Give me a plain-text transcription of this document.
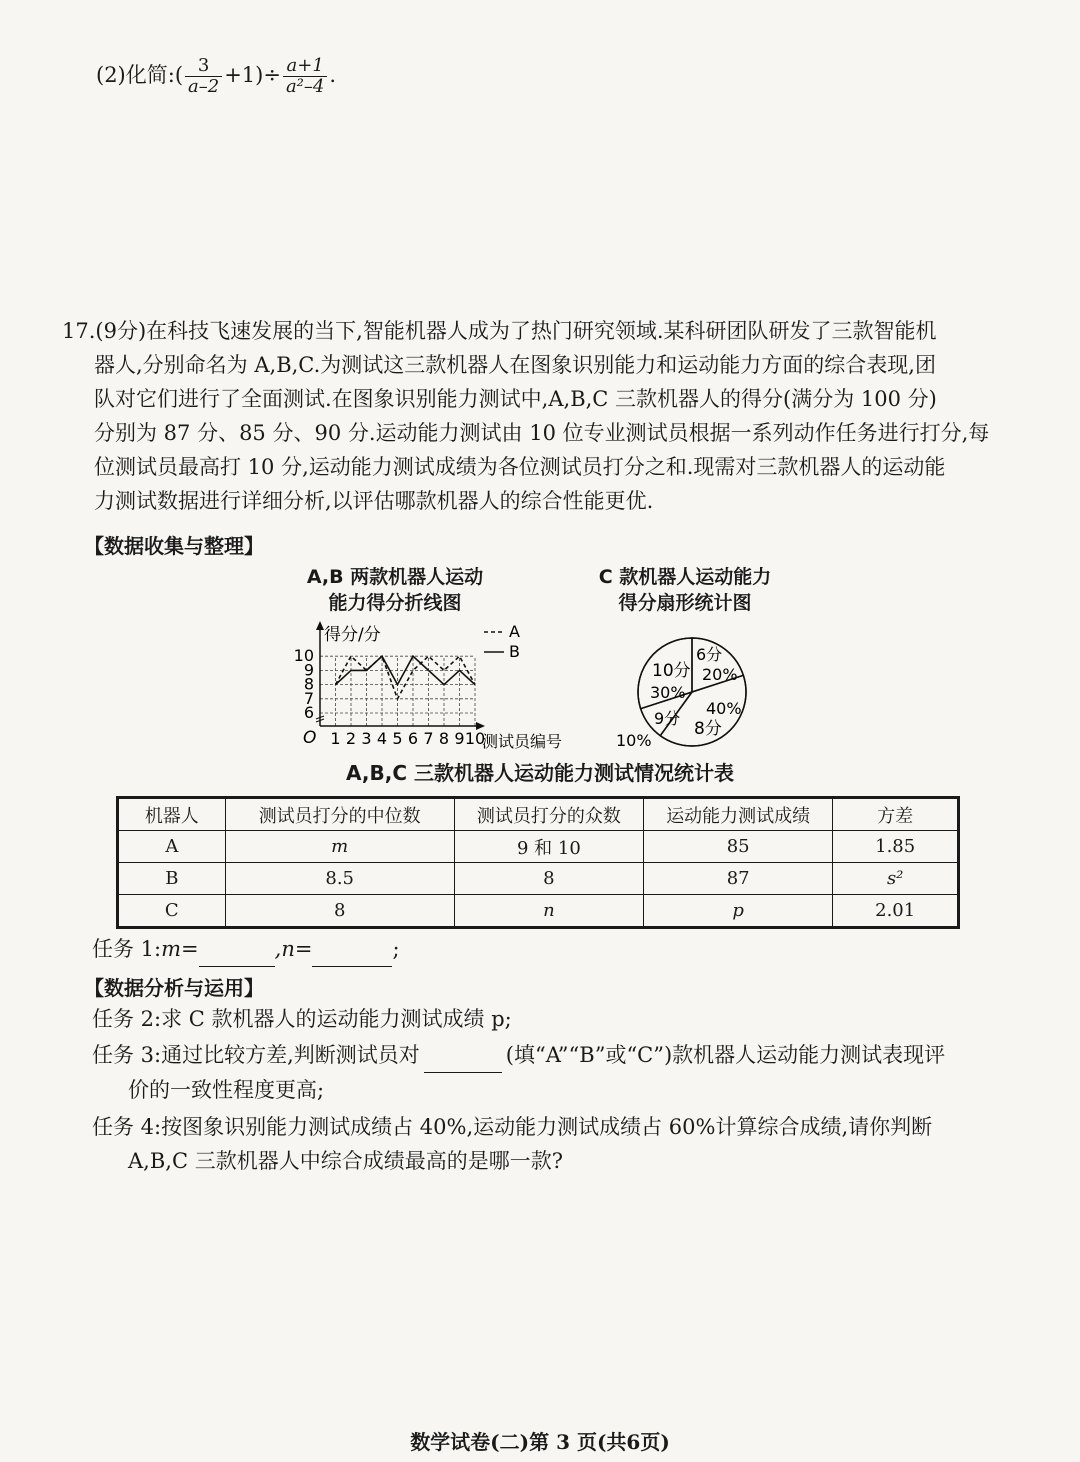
(2)化简:( $\frac{3}{a-2} +1)\div \frac{a+1}{\text{a²–4}}$ .
17.(9分)在科技飞速发展的当下,智能机器人成为了热门研究领域.某科研团队研发了三款智能机
器人,分别命名为 A,B,C.为测试这三款机器人在图象识别能力和运动能力方面的综合表现,团
队对它们进行了全面测试.在图象识别能力测试中,A,B,C 三款机器人的得分(满分为 100 分)
分别为 87 分、85 分、90 分.运动能力测试由 10 位专业测试员根据一系列动作任务进行打分,每
位测试员最高打 10 分,运动能力测试成绩为各位测试员打分之和.现需对三款机器人的运动能
力测试数据进行详细分析,以评估哪款机器人的综合性能更优.
【数据收集与整理】
A,B 两款机器人运动
能力得分折线图
得分/分
O	测试员编号
10
9
8
7
6
1 2 3 4 5 6 7 8 9 10
A
B
C 款机器人运动能力
得分扇形统计图
6分
20%
10分
30%
40%
8分
9分
10%
A,B,C 三款机器人运动能力测试情况统计表
机器人	测试员打分的中位数	测试员打分的众数	运动能力测试成绩	方差
A	m	9 和 10	85	1.85
B	8.5	8	87	s²
C	8	n	p	2.01
任务 1:m=	,n=	;
【数据分析与运用】
任务 2:求 C 款机器人的运动能力测试成绩 p;
任务 3:通过比较方差,判断测试员对	(填“A”“B”或“C”)款机器人运动能力测试表现评
价的一致性程度更高;
任务 4:按图象识别能力测试成绩占 40%,运动能力测试成绩占 60%计算综合成绩,请你判断
A,B,C 三款机器人中综合成绩最高的是哪一款?
数学试卷(二)第 3 页(共6页)
